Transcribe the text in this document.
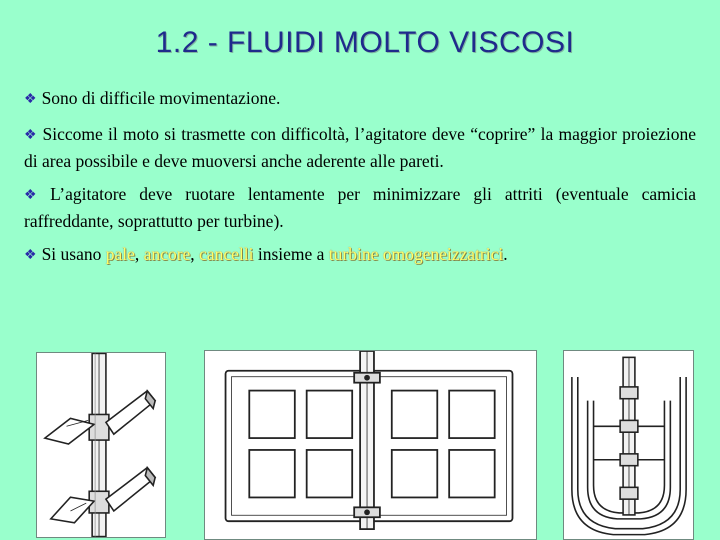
1.2 - FLUIDI MOLTO VISCOSI
❖ Sono di difficile movimentazione.
❖ Siccome il moto si trasmette con difficoltà, l’agitatore deve “coprire” la maggior proiezione di area possibile e deve muoversi anche aderente alle pareti.
❖ L’agitatore deve ruotare lentamente per minimizzare gli attriti (eventuale camicia raffreddante, soprattutto per turbine).
❖ Si usano pale, ancore, cancelli insieme a turbine omogeneizzatrici.
